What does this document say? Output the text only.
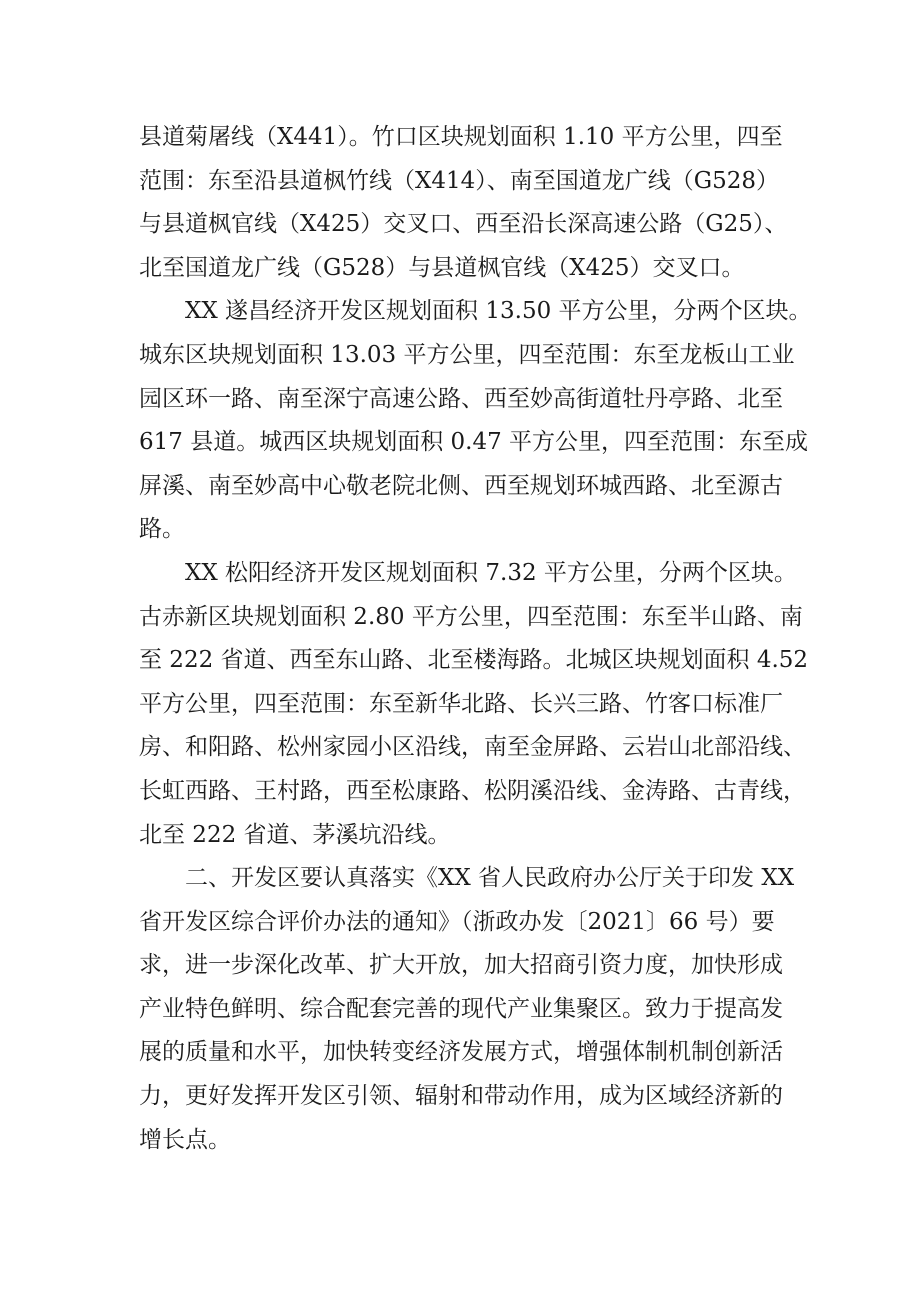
县道菊屠线（X441）。竹口区块规划面积 1.10 平方公里，四至
范围：东至沿县道枫竹线（X414）、南至国道龙广线（G528）
与县道枫官线（X425）交叉口、西至沿长深高速公路（G25）、
北至国道龙广线（G528）与县道枫官线（X425）交叉口。
XX 遂昌经济开发区规划面积 13.50 平方公里，分两个区块。
城东区块规划面积 13.03 平方公里，四至范围：东至龙板山工业
园区环一路、南至深宁高速公路、西至妙高街道牡丹亭路、北至
617 县道。城西区块规划面积 0.47 平方公里，四至范围：东至成
屏溪、南至妙高中心敬老院北侧、西至规划环城西路、北至源古
路。
XX 松阳经济开发区规划面积 7.32 平方公里，分两个区块。
古赤新区块规划面积 2.80 平方公里，四至范围：东至半山路、南
至 222 省道、西至东山路、北至楼海路。北城区块规划面积 4.52
平方公里，四至范围：东至新华北路、长兴三路、竹客口标准厂
房、和阳路、松州家园小区沿线，南至金屏路、云岩山北部沿线、
长虹西路、王村路，西至松康路、松阴溪沿线、金涛路、古青线，
北至 222 省道、茅溪坑沿线。
二、开发区要认真落实《XX 省人民政府办公厅关于印发 XX
省开发区综合评价办法的通知》（浙政办发〔2021〕66 号）要
求，进一步深化改革、扩大开放，加大招商引资力度，加快形成
产业特色鲜明、综合配套完善的现代产业集聚区。致力于提高发
展的质量和水平，加快转变经济发展方式，增强体制机制创新活
力，更好发挥开发区引领、辐射和带动作用，成为区域经济新的
增长点。
